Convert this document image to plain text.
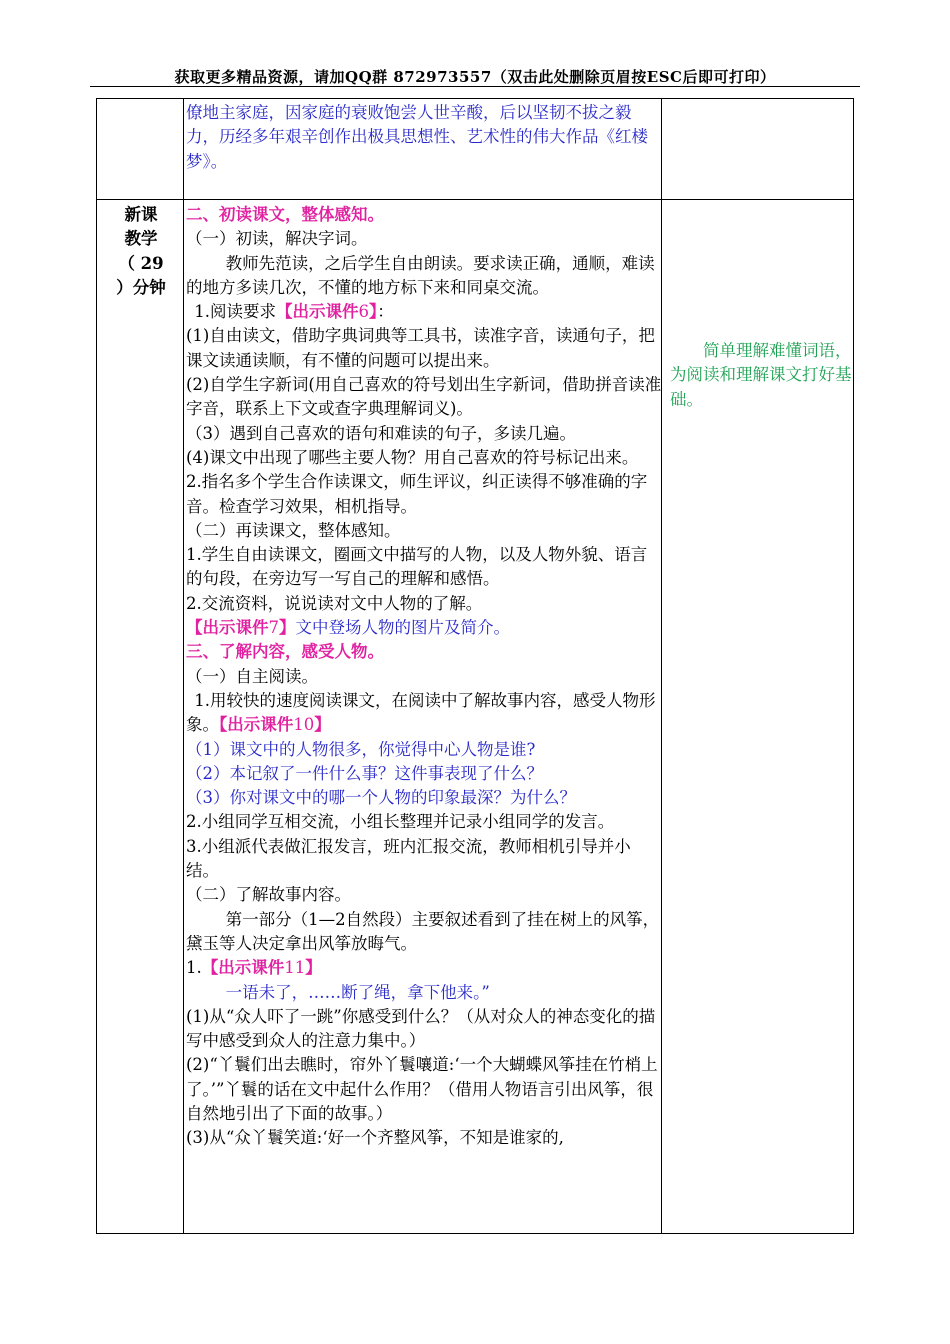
获取更多精品资源，请加QQ群 872973557（双击此处删除页眉按ESC后即可打印）
僚地主家庭，因家庭的衰败饱尝人世辛酸，后以坚韧不拔之毅力，历经多年艰辛创作出极具思想性、艺术性的伟大作品《红楼梦》。

新课

教学

（ 29

）分钟

简单理解难懂词语，为阅读和理解课文打好基础。

二、初读课文，整体感知。

（一）初读，解决字词。

教师先范读，之后学生自由朗读。要求读正确，通顺，难读的地方多读几次，不懂的地方标下来和同桌交流。

1.阅读要求【出示课件6】：

(1)自由读文，借助字典词典等工具书，读准字音，读通句子，把课文读通读顺，有不懂的问题可以提出来。

(2)自学生字新词(用自己喜欢的符号划出生字新词，借助拼音读准字音，联系上下文或查字典理解词义)。

（3）遇到自己喜欢的语句和难读的句子，多读几遍。

(4)课文中出现了哪些主要人物？用自己喜欢的符号标记出来。

2.指名多个学生合作读课文，师生评议，纠正读得不够准确的字音。检查学习效果，相机指导。

（二）再读课文，整体感知。

1.学生自由读课文，圈画文中描写的人物，以及人物外貌、语言的句段，在旁边写一写自己的理解和感悟。

2.交流资料，说说读对文中人物的了解。

【出示课件7】文中登场人物的图片及简介。

三、了解内容，感受人物。

（一）自主阅读。

1.用较快的速度阅读课文，在阅读中了解故事内容，感受人物形象。【出示课件10】

（1）课文中的人物很多，你觉得中心人物是谁?

（2）本记叙了一件什么事？这件事表现了什么？

（3）你对课文中的哪一个人物的印象最深？为什么？

2.小组同学互相交流，小组长整理并记录小组同学的发言。

3.小组派代表做汇报发言，班内汇报交流，教师相机引导并小结。

（二）了解故事内容。

第一部分（1—2自然段）主要叙述看到了挂在树上的风筝，黛玉等人决定拿出风筝放晦气。

1.【出示课件11】

一语未了，……断了绳，拿下他来。”

(1)从“众人吓了一跳”你感受到什么？（从对众人的神态变化的描写中感受到众人的注意力集中。）

(2)“丫鬟们出去瞧时，帘外丫鬟嚷道:‘一个大蝴蝶风筝挂在竹梢上了。’”丫鬟的话在文中起什么作用？（借用人物语言引出风筝，很自然地引出了下面的故事。）

(3)从“众丫鬟笑道:‘好一个齐整风筝，不知是谁家的,
